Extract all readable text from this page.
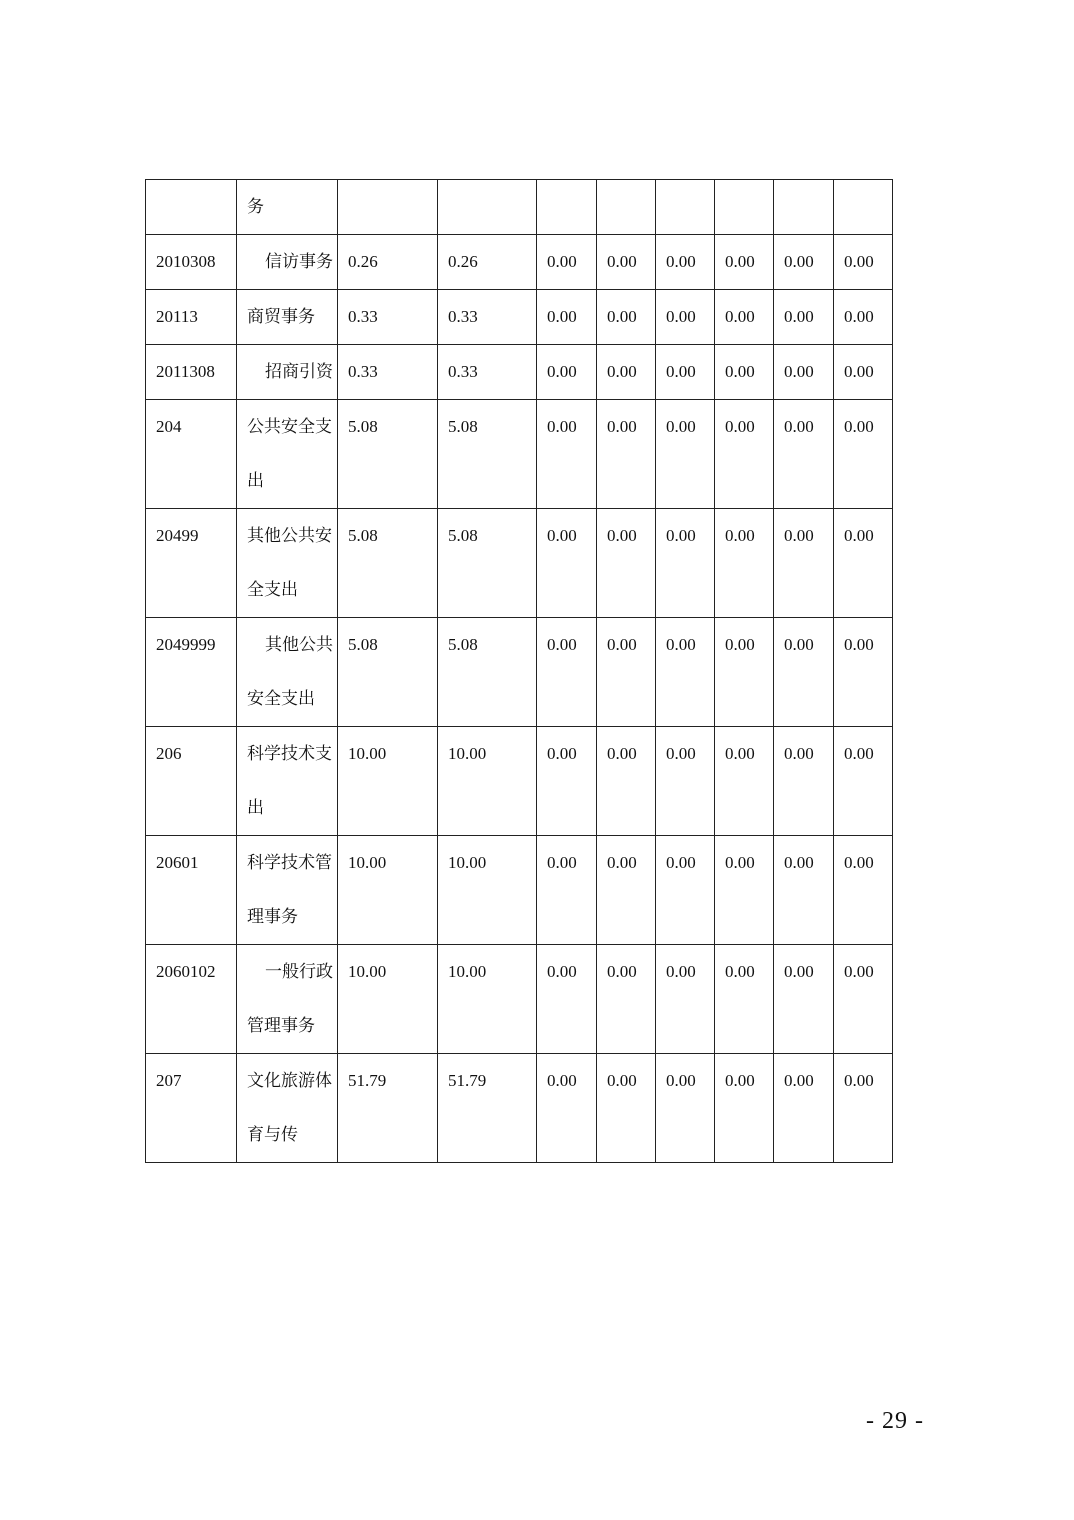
	务								

2010308	信访事务	0.26	0.26	0.00	0.00	0.00	0.00	0.00	0.00

20113	商贸事务	0.33	0.33	0.00	0.00	0.00	0.00	0.00	0.00

2011308	招商引资	0.33	0.33	0.00	0.00	0.00	0.00	0.00	0.00

204	公共安全支出	5.08	5.08	0.00	0.00	0.00	0.00	0.00	0.00

20499	其他公共安全支出	5.08	5.08	0.00	0.00	0.00	0.00	0.00	0.00

2049999	其他公共安全支出	5.08	5.08	0.00	0.00	0.00	0.00	0.00	0.00

206	科学技术支出	10.00	10.00	0.00	0.00	0.00	0.00	0.00	0.00

20601	科学技术管理事务	10.00	10.00	0.00	0.00	0.00	0.00	0.00	0.00

2060102	一般行政管理事务	10.00	10.00	0.00	0.00	0.00	0.00	0.00	0.00

207	文化旅游体育与传	51.79	51.79	0.00	0.00	0.00	0.00	0.00	0.00
- 29 -
